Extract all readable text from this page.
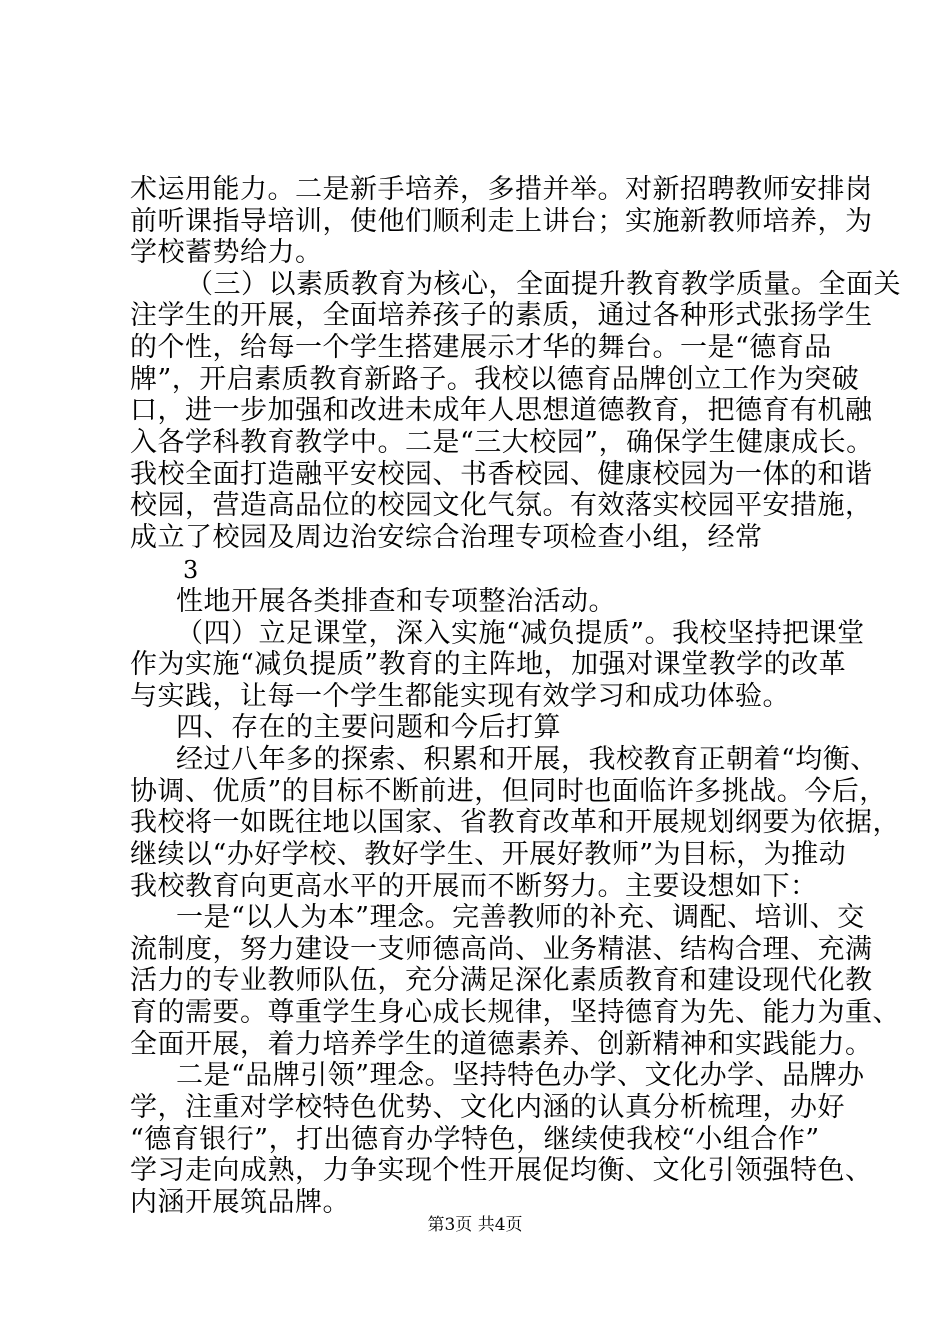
术运用能力。二是新手培养，多措并举。对新招聘教师安排岗
前听课指导培训，使他们顺利走上讲台；实施新教师培养，为
学校蓄势给力。
（三）以素质教育为核心，全面提升教育教学质量。全面关
注学生的开展，全面培养孩子的素质，通过各种形式张扬学生
的个性，给每一个学生搭建展示才华的舞台。一是“德育品
牌”，开启素质教育新路子。我校以德育品牌创立工作为突破
口，进一步加强和改进未成年人思想道德教育，把德育有机融
入各学科教育教学中。二是“三大校园”，确保学生健康成长。
我校全面打造融平安校园、书香校园、健康校园为一体的和谐
校园，营造高品位的校园文化气氛。有效落实校园平安措施，
成立了校园及周边治安综合治理专项检查小组，经常
3
性地开展各类排查和专项整治活动。
（四）立足课堂，深入实施“减负提质”。我校坚持把课堂
作为实施“减负提质”教育的主阵地，加强对课堂教学的改革
与实践，让每一个学生都能实现有效学习和成功体验。
四、存在的主要问题和今后打算
经过八年多的探索、积累和开展，我校教育正朝着“均衡、
协调、优质”的目标不断前进，但同时也面临许多挑战。今后，
我校将一如既往地以国家、省教育改革和开展规划纲要为依据，
继续以“办好学校、教好学生、开展好教师”为目标，为推动
我校教育向更高水平的开展而不断努力。主要设想如下：
一是“以人为本”理念。完善教师的补充、调配、培训、交
流制度，努力建设一支师德高尚、业务精湛、结构合理、充满
活力的专业教师队伍，充分满足深化素质教育和建设现代化教
育的需要。尊重学生身心成长规律，坚持德育为先、能力为重、
全面开展，着力培养学生的道德素养、创新精神和实践能力。
二是“品牌引领”理念。坚持特色办学、文化办学、品牌办
学，注重对学校特色优势、文化内涵的认真分析梳理，办好
“德育银行”，打出德育办学特色，继续使我校“小组合作”
学习走向成熟，力争实现个性开展促均衡、文化引领强特色、
内涵开展筑品牌。
第3页 共4页
